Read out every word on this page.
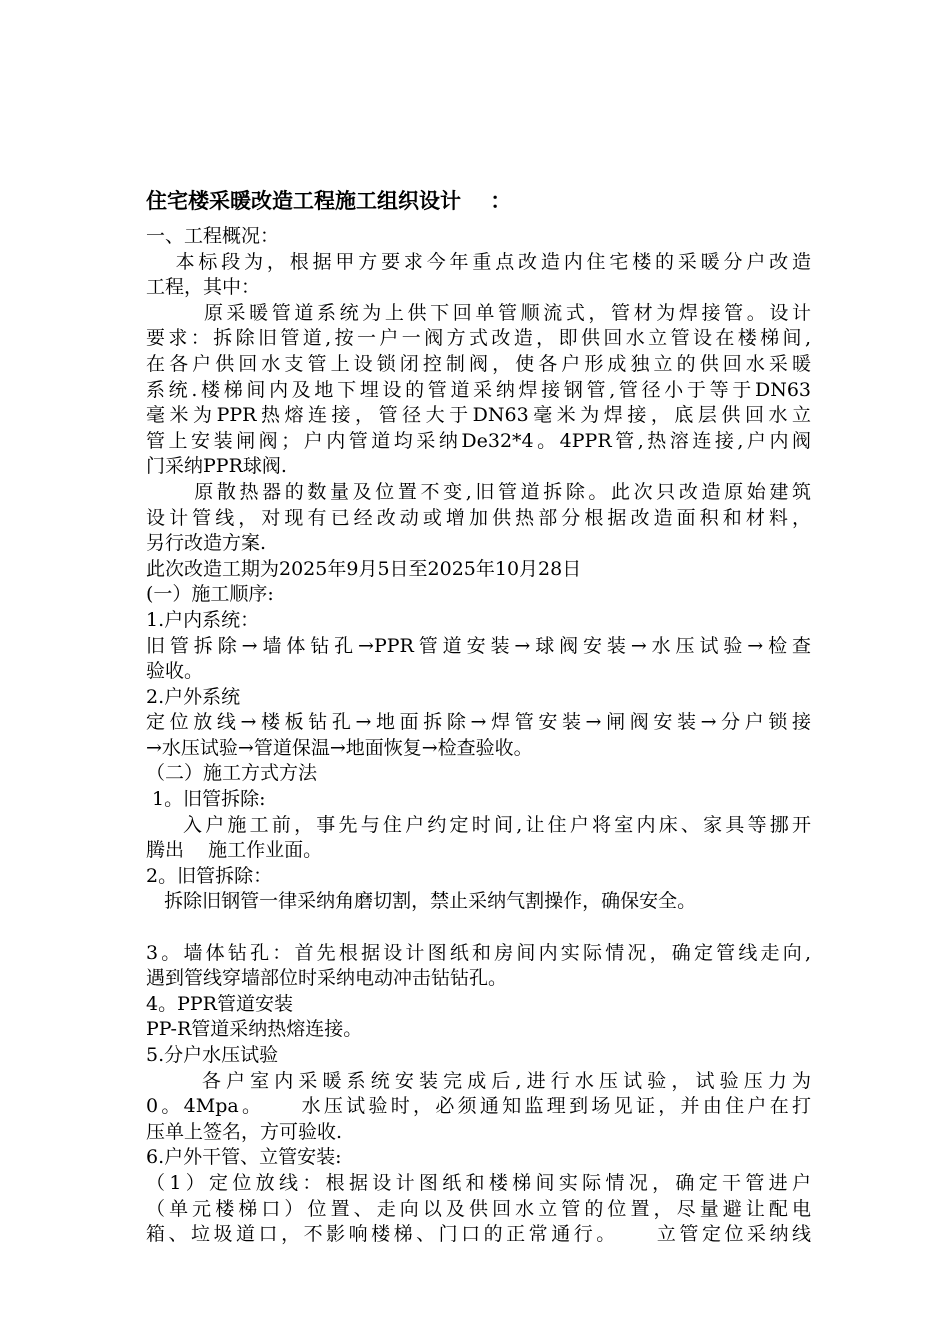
住宅楼采暖改造工程施工组织设计    ：
一、工程概况：
本标段为，根据甲方要求今年重点改造内住宅楼的采暖分户改造
工程，其中：
原采暖管道系统为上供下回单管顺流式，管材为焊接管。设计
要求：拆除旧管道,按一户一阀方式改造，即供回水立管设在楼梯间,
在各户供回水支管上设锁闭控制阀，使各户形成独立的供回水采暖
系统.楼梯间内及地下埋设的管道采纳焊接钢管,管径小于等于DN63
毫米为PPR热熔连接，管径大于DN63毫米为焊接，底层供回水立
管上安装闸阀；户内管道均采纳De32*4。4PPR管,热溶连接,户内阀
门采纳PPR球阀.
原散热器的数量及位置不变,旧管道拆除。此次只改造原始建筑
设计管线，对现有已经改动或增加供热部分根据改造面积和材料，
另行改造方案.
此次改造工期为2025年9月5日至2025年10月28日
(一）施工顺序:
1.户内系统：
旧管拆除→墙体钻孔→PPR管道安装→球阀安装→水压试验→检查
验收。
2.户外系统
定位放线→楼板钻孔→地面拆除→焊管安装→闸阀安装→分户锁接
→水压试验→管道保温→地面恢复→检查验收。
（二）施工方式方法
1。旧管拆除:
入户施工前，事先与住户约定时间,让住户将室内床、家具等挪开
腾出    施工作业面。
2。旧管拆除：
拆除旧钢管一律采纳角磨切割，禁止采纳气割操作，确保安全。
3。墙体钻孔：首先根据设计图纸和房间内实际情况，确定管线走向,
遇到管线穿墙部位时采纳电动冲击钻钻孔。
4。PPR管道安装
PP-R管道采纳热熔连接。
5.分户水压试验
各户室内采暖系统安装完成后,进行水压试验，试验压力为
0。4Mpa。    水压试验时，必须通知监理到场见证，并由住户在打
压单上签名，方可验收.
6.户外干管、立管安装:
（1）定位放线：根据设计图纸和楼梯间实际情况，确定干管进户
（单元楼梯口）位置、走向以及供回水立管的位置，尽量避让配电
箱、垃圾道口，不影响楼梯、门口的正常通行。    立管定位采纳线
